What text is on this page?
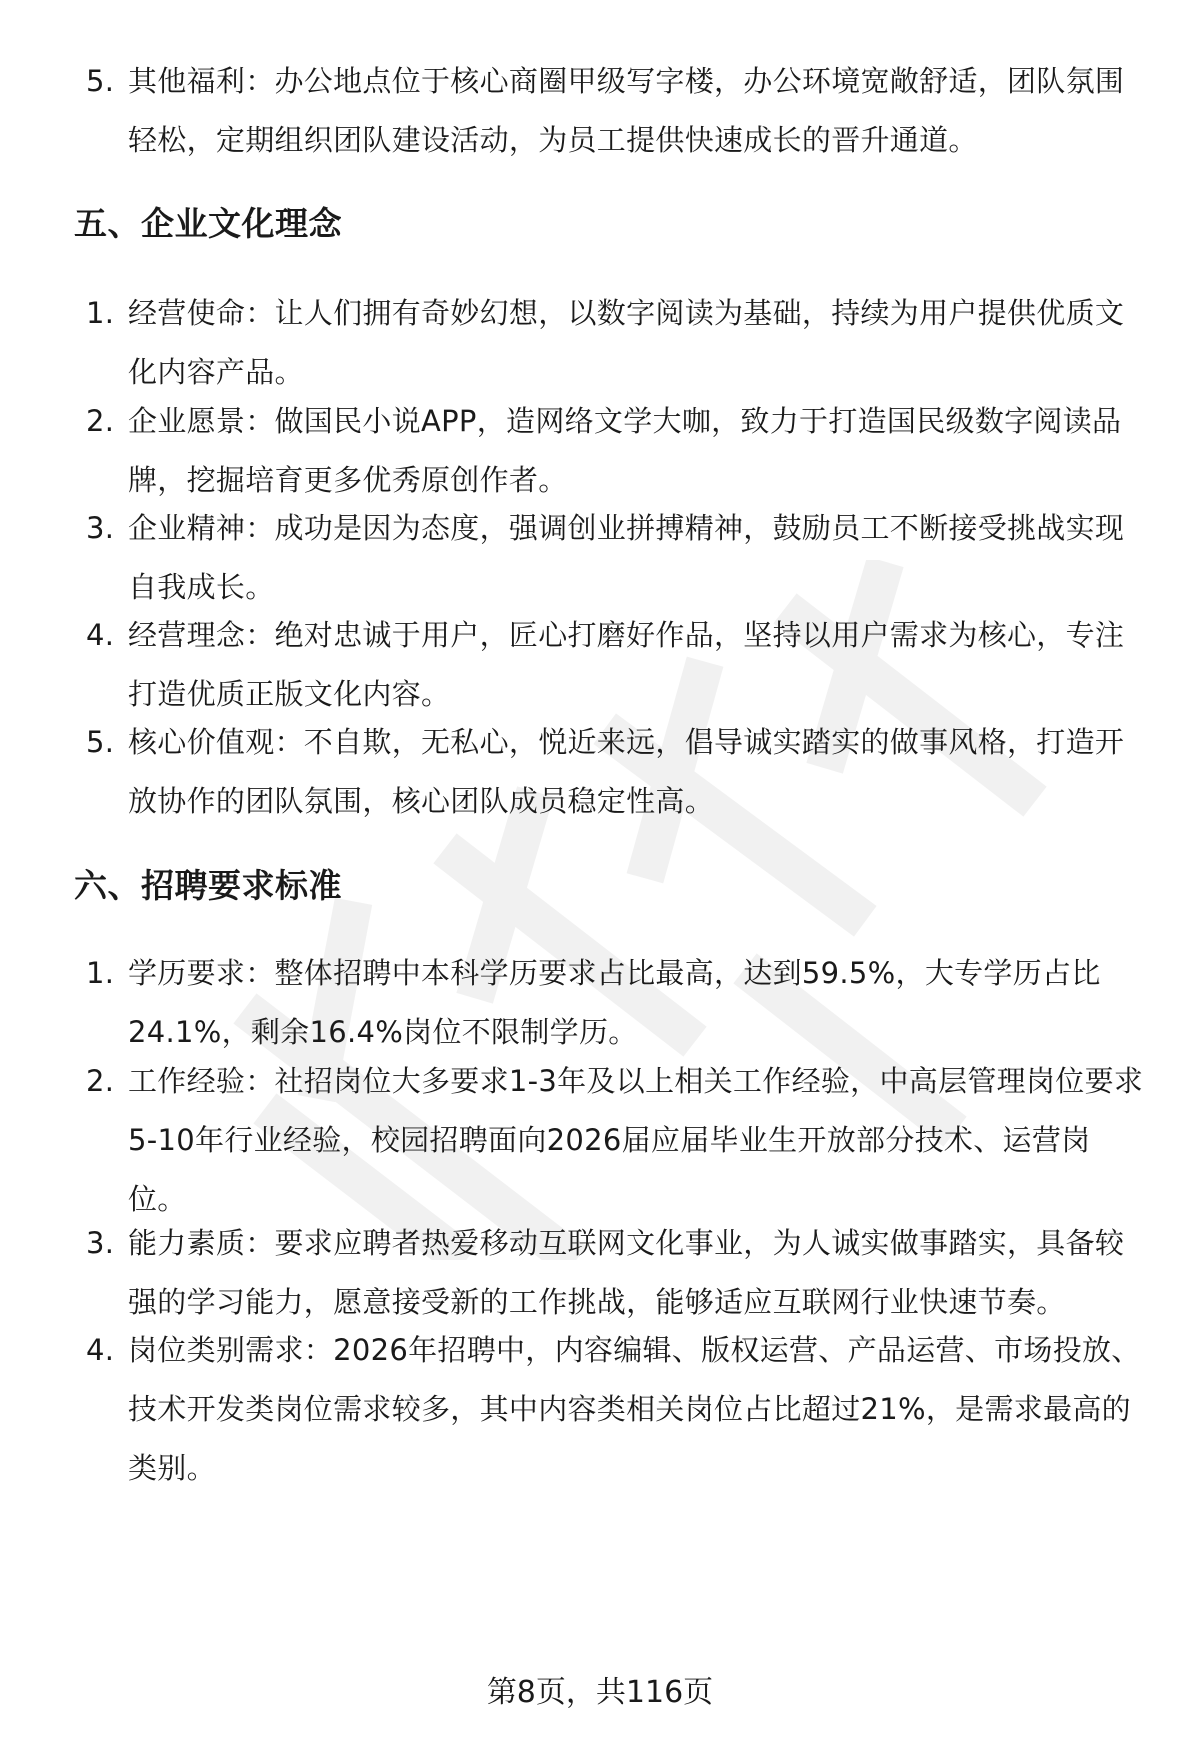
5. 其他福利：办公地点位于核心商圈甲级写字楼，办公环境宽敞舒适，团队氛围轻松，定期组织团队建设活动，为员工提供快速成长的晋升通道。
五、企业文化理念
1. 经营使命：让人们拥有奇妙幻想，以数字阅读为基础，持续为用户提供优质文化内容产品。
2. 企业愿景：做国民小说APP，造网络文学大咖，致力于打造国民级数字阅读品牌，挖掘培育更多优秀原创作者。
3. 企业精神：成功是因为态度，强调创业拼搏精神，鼓励员工不断接受挑战实现自我成长。
4. 经营理念：绝对忠诚于用户，匠心打磨好作品，坚持以用户需求为核心，专注打造优质正版文化内容。
5. 核心价值观：不自欺，无私心，悦近来远，倡导诚实踏实的做事风格，打造开放协作的团队氛围，核心团队成员稳定性高。
六、招聘要求标准
1. 学历要求：整体招聘中本科学历要求占比最高，达到59.5%，大专学历占比24.1%，剩余16.4%岗位不限制学历。
2. 工作经验：社招岗位大多要求1-3年及以上相关工作经验，中高层管理岗位要求5-10年行业经验，校园招聘面向2026届应届毕业生开放部分技术、运营岗位。
3. 能力素质：要求应聘者热爱移动互联网文化事业，为人诚实做事踏实，具备较强的学习能力，愿意接受新的工作挑战，能够适应互联网行业快速节奏。
4. 岗位类别需求：2026年招聘中，内容编辑、版权运营、产品运营、市场投放、技术开发类岗位需求较多，其中内容类相关岗位占比超过21%，是需求最高的类别。
第8页，共116页
